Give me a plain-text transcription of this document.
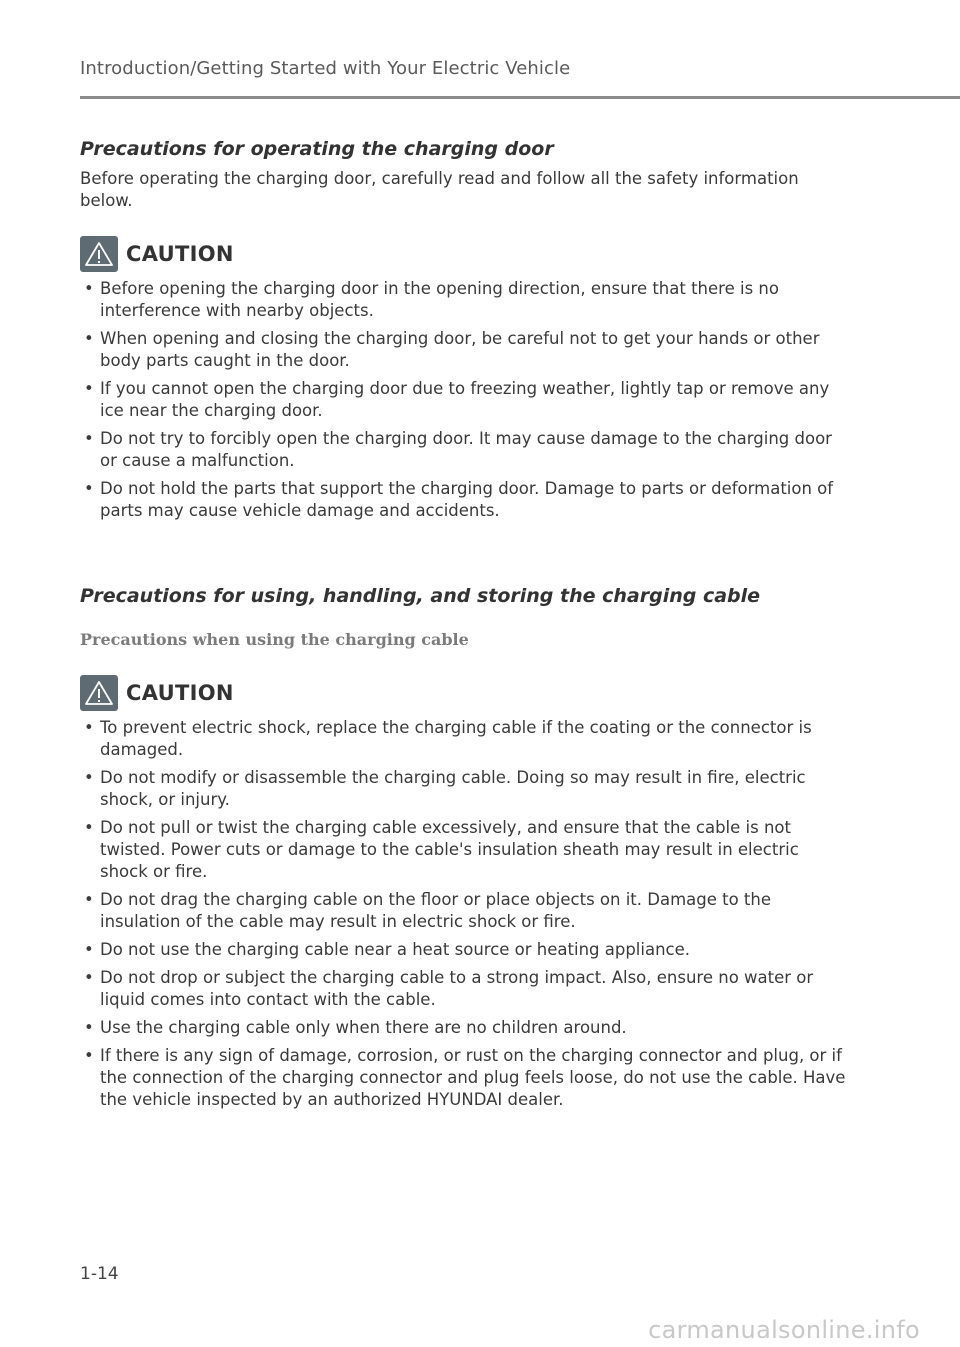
Introduction/Getting Started with Your Electric Vehicle
Precautions for operating the charging door

Before operating the charging door, carefully read and follow all the safety information below.

CAUTION
• Before opening the charging door in the opening direction, ensure that there is no interference with nearby objects.
• When opening and closing the charging door, be careful not to get your hands or other body parts caught in the door.
• If you cannot open the charging door due to freezing weather, lightly tap or remove any ice near the charging door.
• Do not try to forcibly open the charging door. It may cause damage to the charging door or cause a malfunction.
• Do not hold the parts that support the charging door. Damage to parts or deformation of parts may cause vehicle damage and accidents.
Precautions for using, handling, and storing the charging cable

Precautions when using the charging cable

CAUTION
• To prevent electric shock, replace the charging cable if the coating or the connector is damaged.
• Do not modify or disassemble the charging cable. Doing so may result in fire, electric shock, or injury.
• Do not pull or twist the charging cable excessively, and ensure that the cable is not twisted. Power cuts or damage to the cable's insulation sheath may result in electric shock or fire.
• Do not drag the charging cable on the floor or place objects on it. Damage to the insulation of the cable may result in electric shock or fire.
• Do not use the charging cable near a heat source or heating appliance.
• Do not drop or subject the charging cable to a strong impact. Also, ensure no water or liquid comes into contact with the cable.
• Use the charging cable only when there are no children around.
• If there is any sign of damage, corrosion, or rust on the charging connector and plug, or if the connection of the charging connector and plug feels loose, do not use the cable. Have the vehicle inspected by an authorized HYUNDAI dealer.
1-14
carmanualsonline.info
